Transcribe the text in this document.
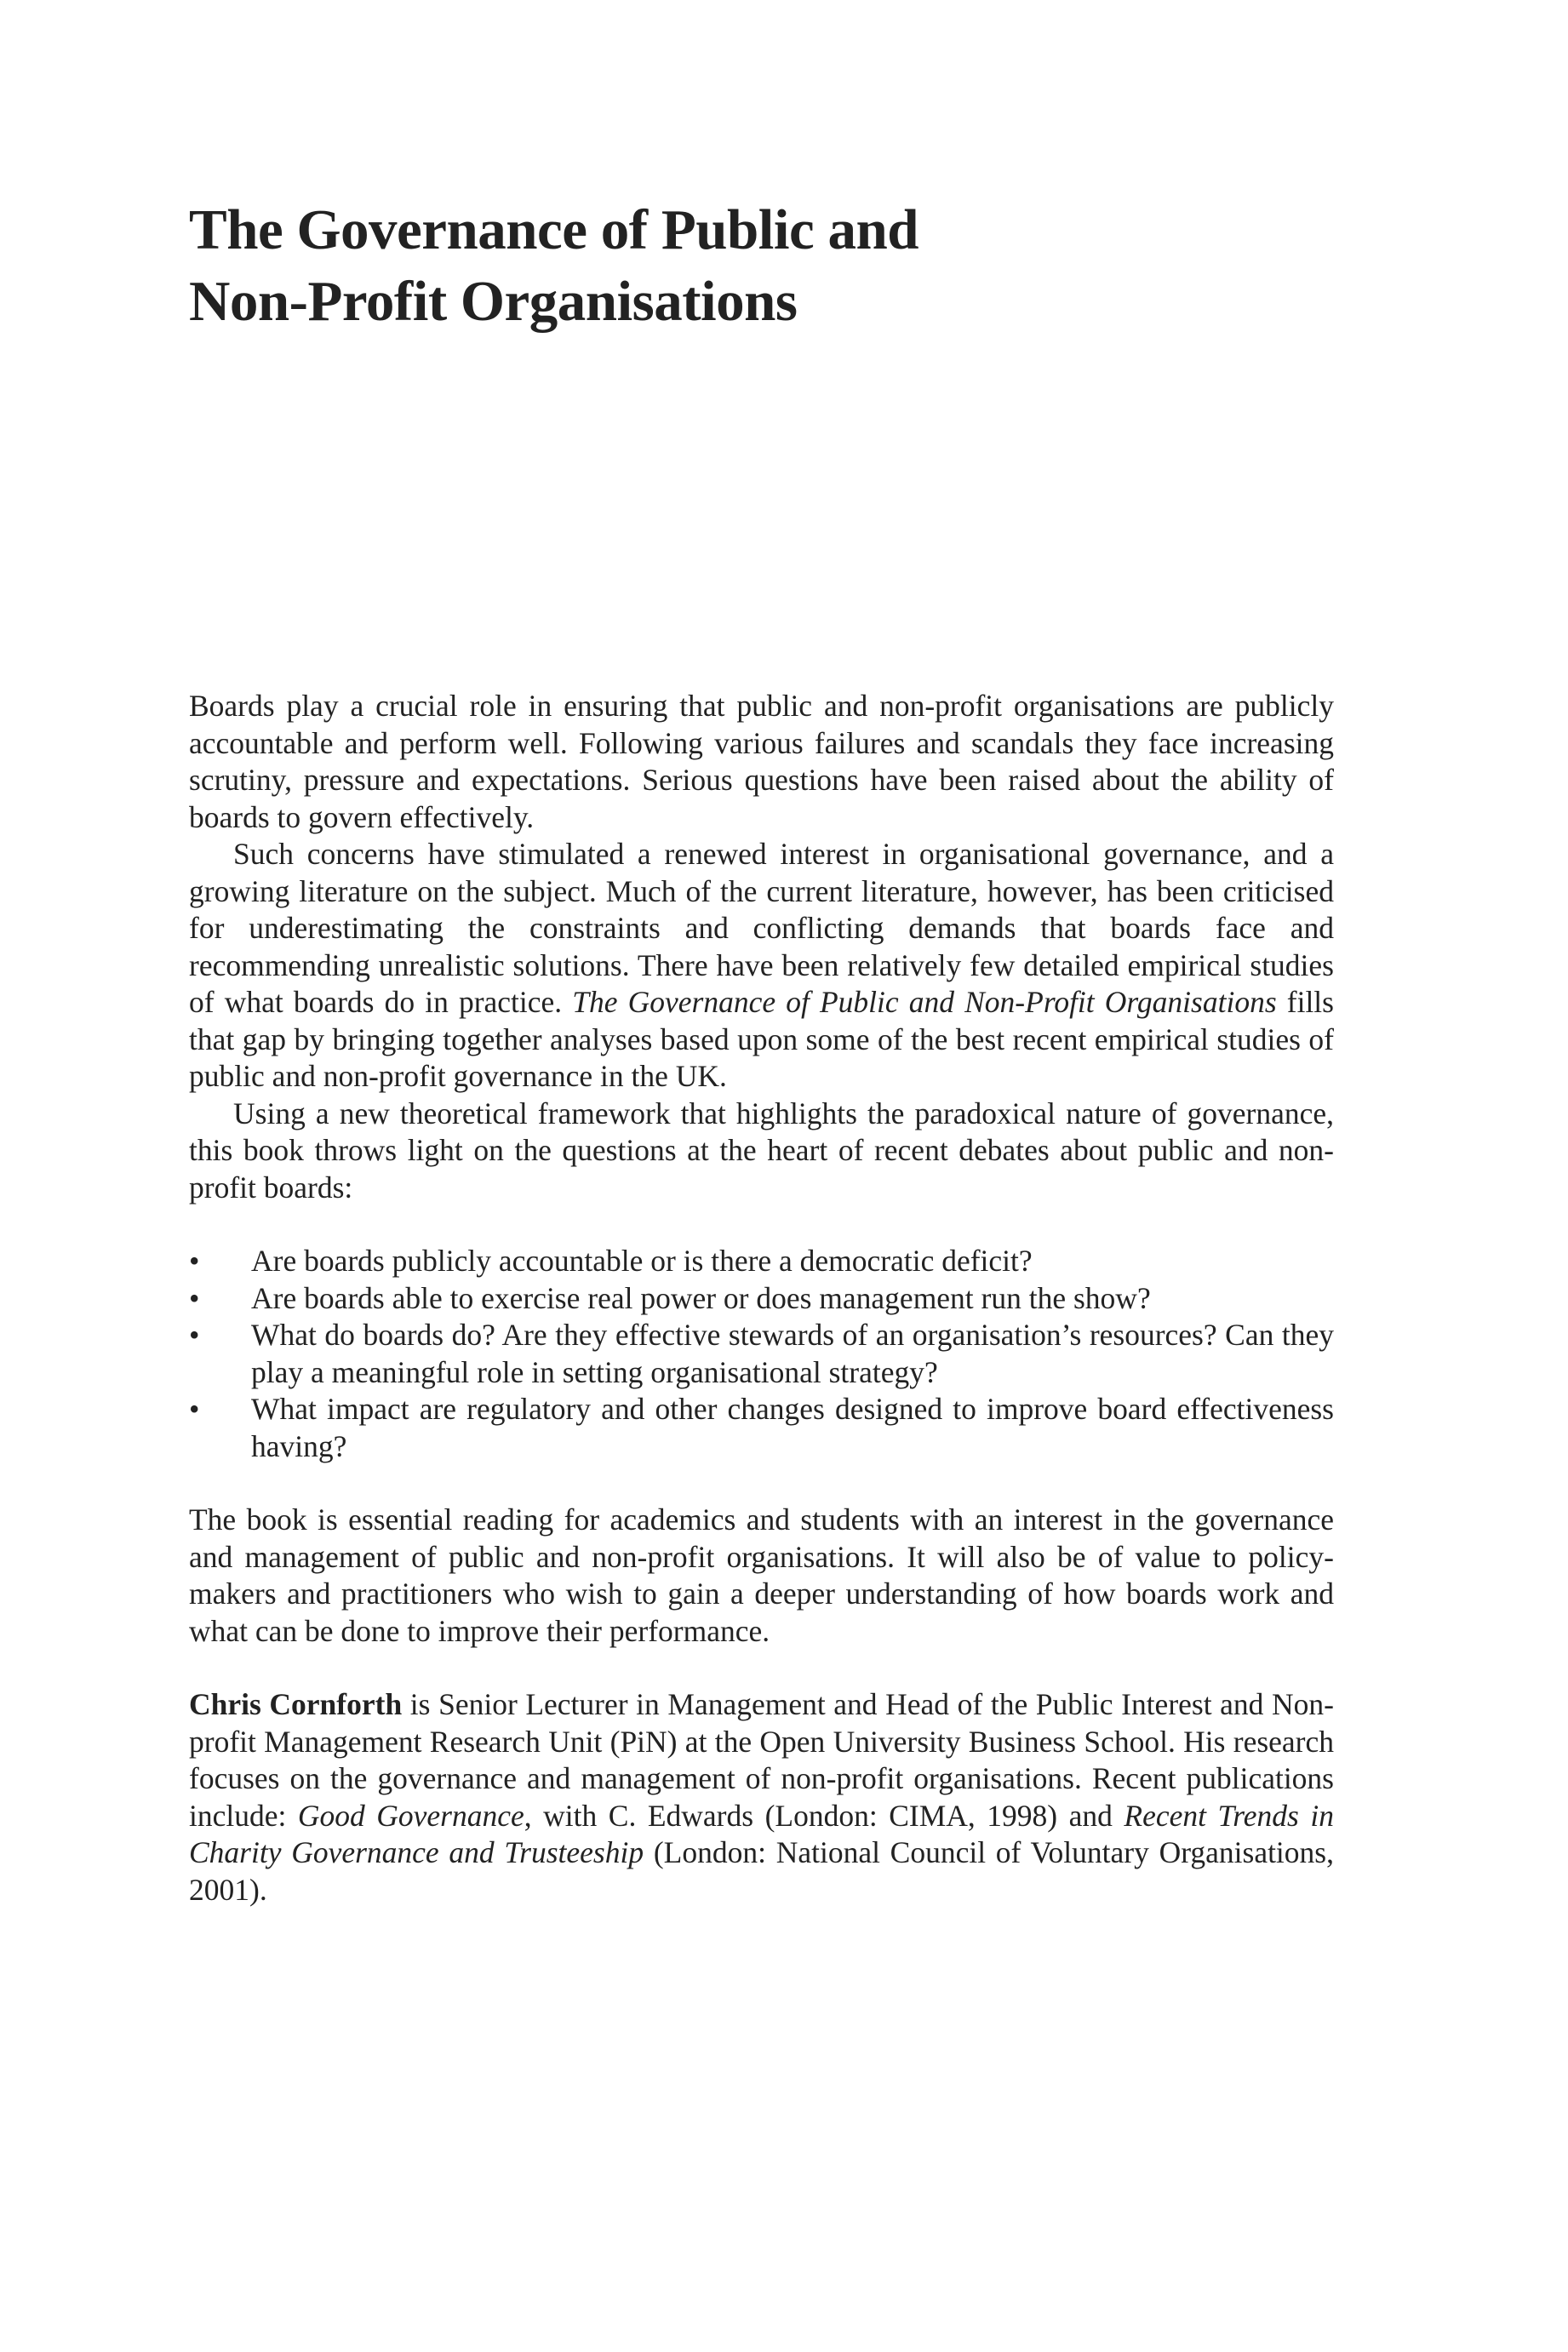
The Governance of Public and
Non-Profit Organisations

Boards play a crucial role in ensuring that public and non-profit organisations are publicly accountable and perform well. Following various failures and scandals they face increasing scrutiny, pressure and expectations. Serious questions have been raised about the ability of boards to govern effectively.

Such concerns have stimulated a renewed interest in organisational governance, and a growing literature on the subject. Much of the current literature, however, has been criticised for underestimating the constraints and conflicting demands that boards face and recommending unrealistic solutions. There have been relatively few detailed empirical studies of what boards do in practice. The Governance of Public and Non-Profit Organisations fills that gap by bringing together analyses based upon some of the best recent empirical studies of public and non-profit governance in the UK.

Using a new theoretical framework that highlights the paradoxical nature of governance, this book throws light on the questions at the heart of recent debates about public and non-profit boards:

• Are boards publicly accountable or is there a democratic deficit?
• Are boards able to exercise real power or does management run the show?
• What do boards do? Are they effective stewards of an organisation’s resources? Can they play a meaningful role in setting organisational strategy?
• What impact are regulatory and other changes designed to improve board effectiveness having?

The book is essential reading for academics and students with an interest in the governance and management of public and non-profit organisations. It will also be of value to policy-makers and practitioners who wish to gain a deeper understanding of how boards work and what can be done to improve their performance.

Chris Cornforth is Senior Lecturer in Management and Head of the Public Interest and Non-profit Management Research Unit (PiN) at the Open University Business School. His research focuses on the governance and management of non-profit organisations. Recent publications include: Good Governance, with C. Edwards (London: CIMA, 1998) and Recent Trends in Charity Governance and Trusteeship (London: National Council of Voluntary Organisations, 2001).
